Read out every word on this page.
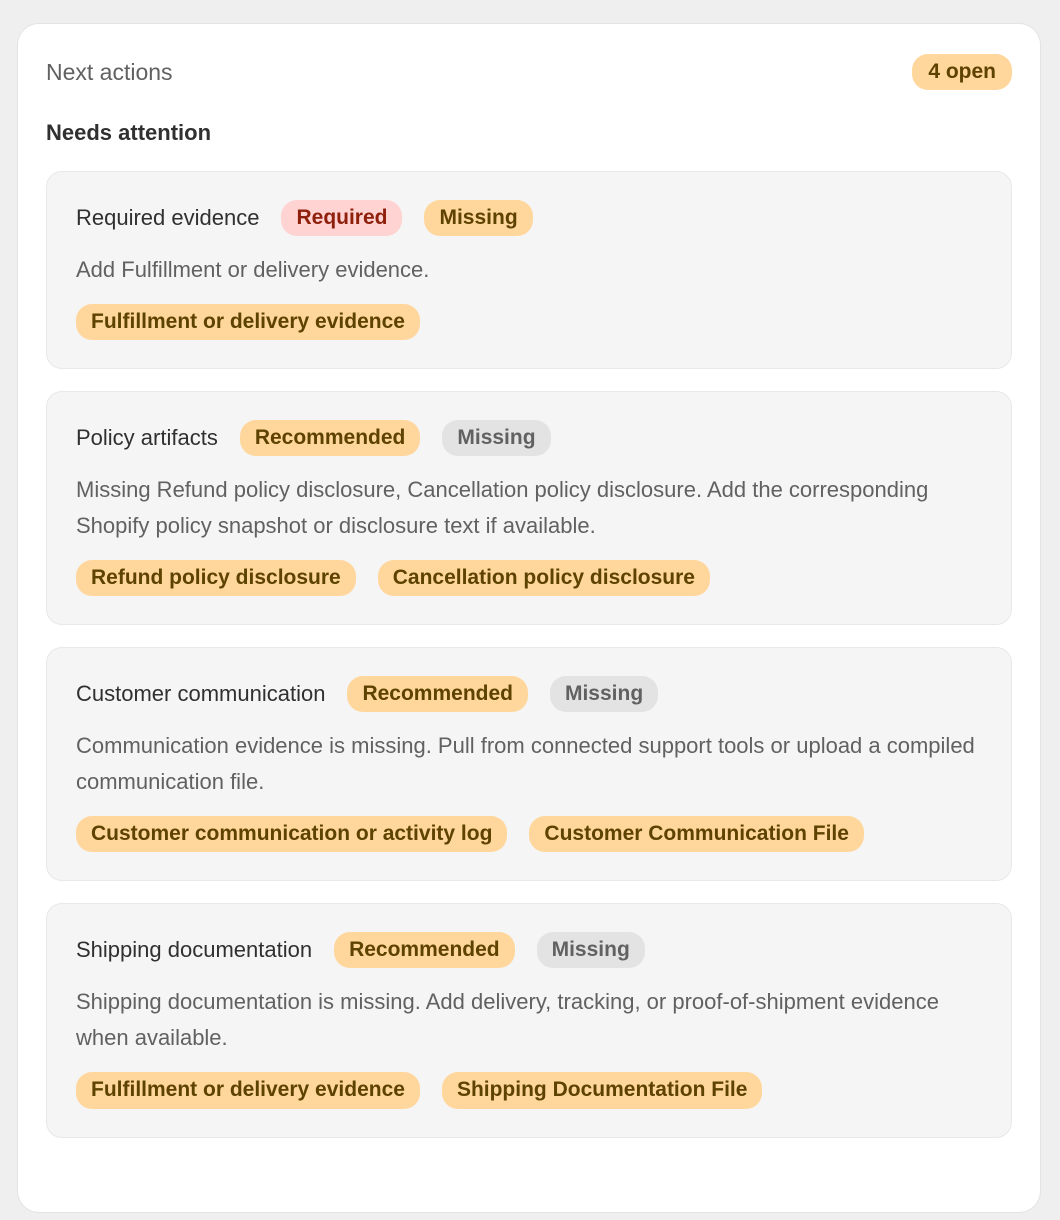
Next actions	4 open
Needs attention
Required evidence	Required	Missing
Add Fulfillment or delivery evidence.
Fulfillment or delivery evidence
Policy artifacts	Recommended	Missing
Missing Refund policy disclosure, Cancellation policy disclosure. Add the corresponding Shopify policy snapshot or disclosure text if available.
Refund policy disclosure	Cancellation policy disclosure
Customer communication	Recommended	Missing
Communication evidence is missing. Pull from connected support tools or upload a compiled communication file.
Customer communication or activity log	Customer Communication File
Shipping documentation	Recommended	Missing
Shipping documentation is missing. Add delivery, tracking, or proof-of-shipment evidence when available.
Fulfillment or delivery evidence	Shipping Documentation File
